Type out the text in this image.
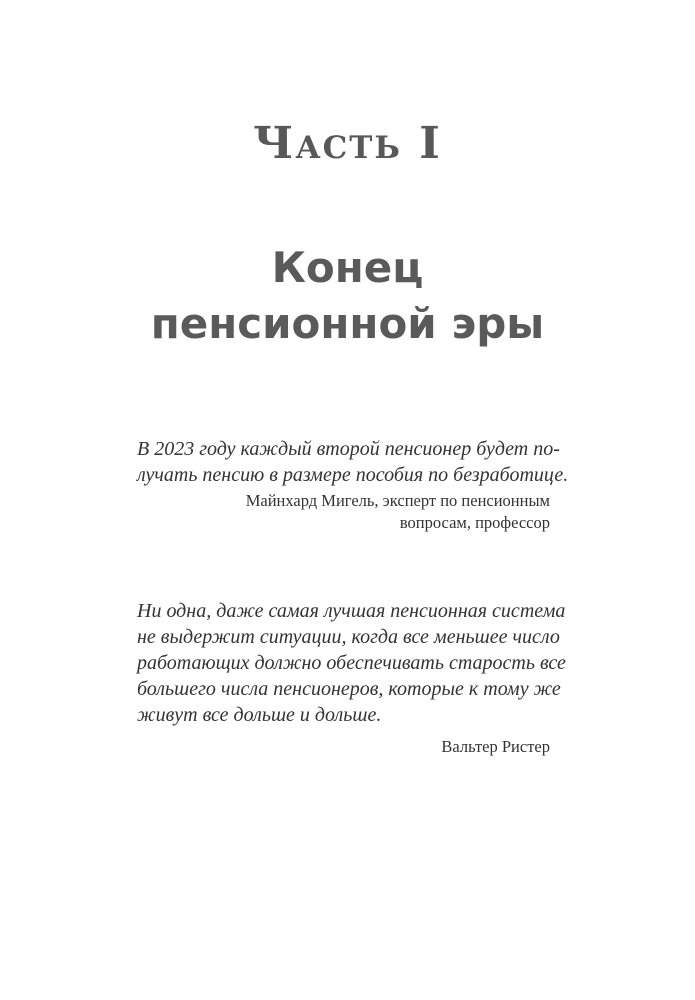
Часть I
Конец
пенсионной эры

В 2023 году каждый второй пенсионер будет по-
лучать пенсию в размере пособия по безработице.

Майнхард Мигель, эксперт по пенсионным
вопросам, профессор

Ни одна, даже самая лучшая пенсионная система
не выдержит ситуации, когда все меньшее число
работающих должно обеспечивать старость все
большего числа пенсионеров, которые к тому же
живут все дольше и дольше.

Вальтер Ристер
